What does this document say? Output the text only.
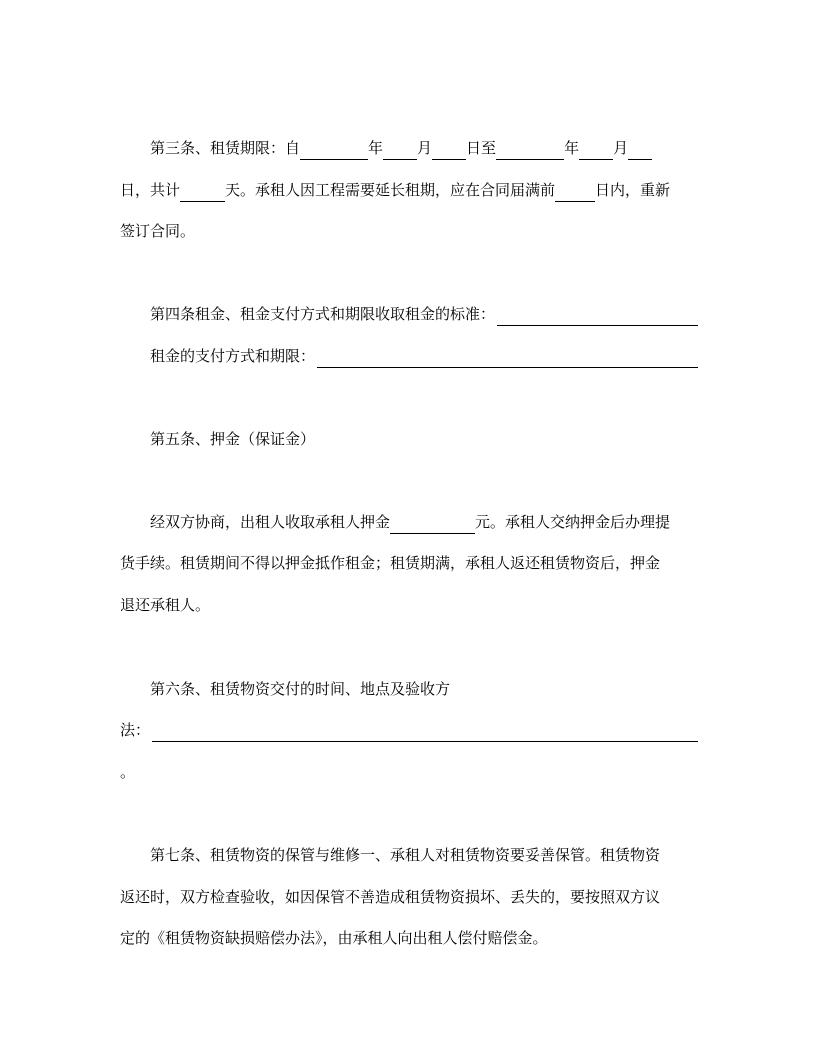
第三条、租赁期限：自	年 月 日至	年 月
日，共计	天。承租人因工程需要延长租期，应在合同届满前	日内，重新
签订合同。
第四条租金、租金支付方式和期限收取租金的标准：
租金的支付方式和期限：
第五条、押金（保证金）
经双方协商，出租人收取承租人押金	元。承租人交纳押金后办理提
货手续。租赁期间不得以押金抵作租金；租赁期满，承租人返还租赁物资后，押金
退还承租人。
第六条、租赁物资交付的时间、地点及验收方
法：
。
第七条、租赁物资的保管与维修一、承租人对租赁物资要妥善保管。租赁物资
返还时，双方检查验收，如因保管不善造成租赁物资损坏、丢失的，要按照双方议
定的《租赁物资缺损赔偿办法》，由承租人向出租人偿付赔偿金。
